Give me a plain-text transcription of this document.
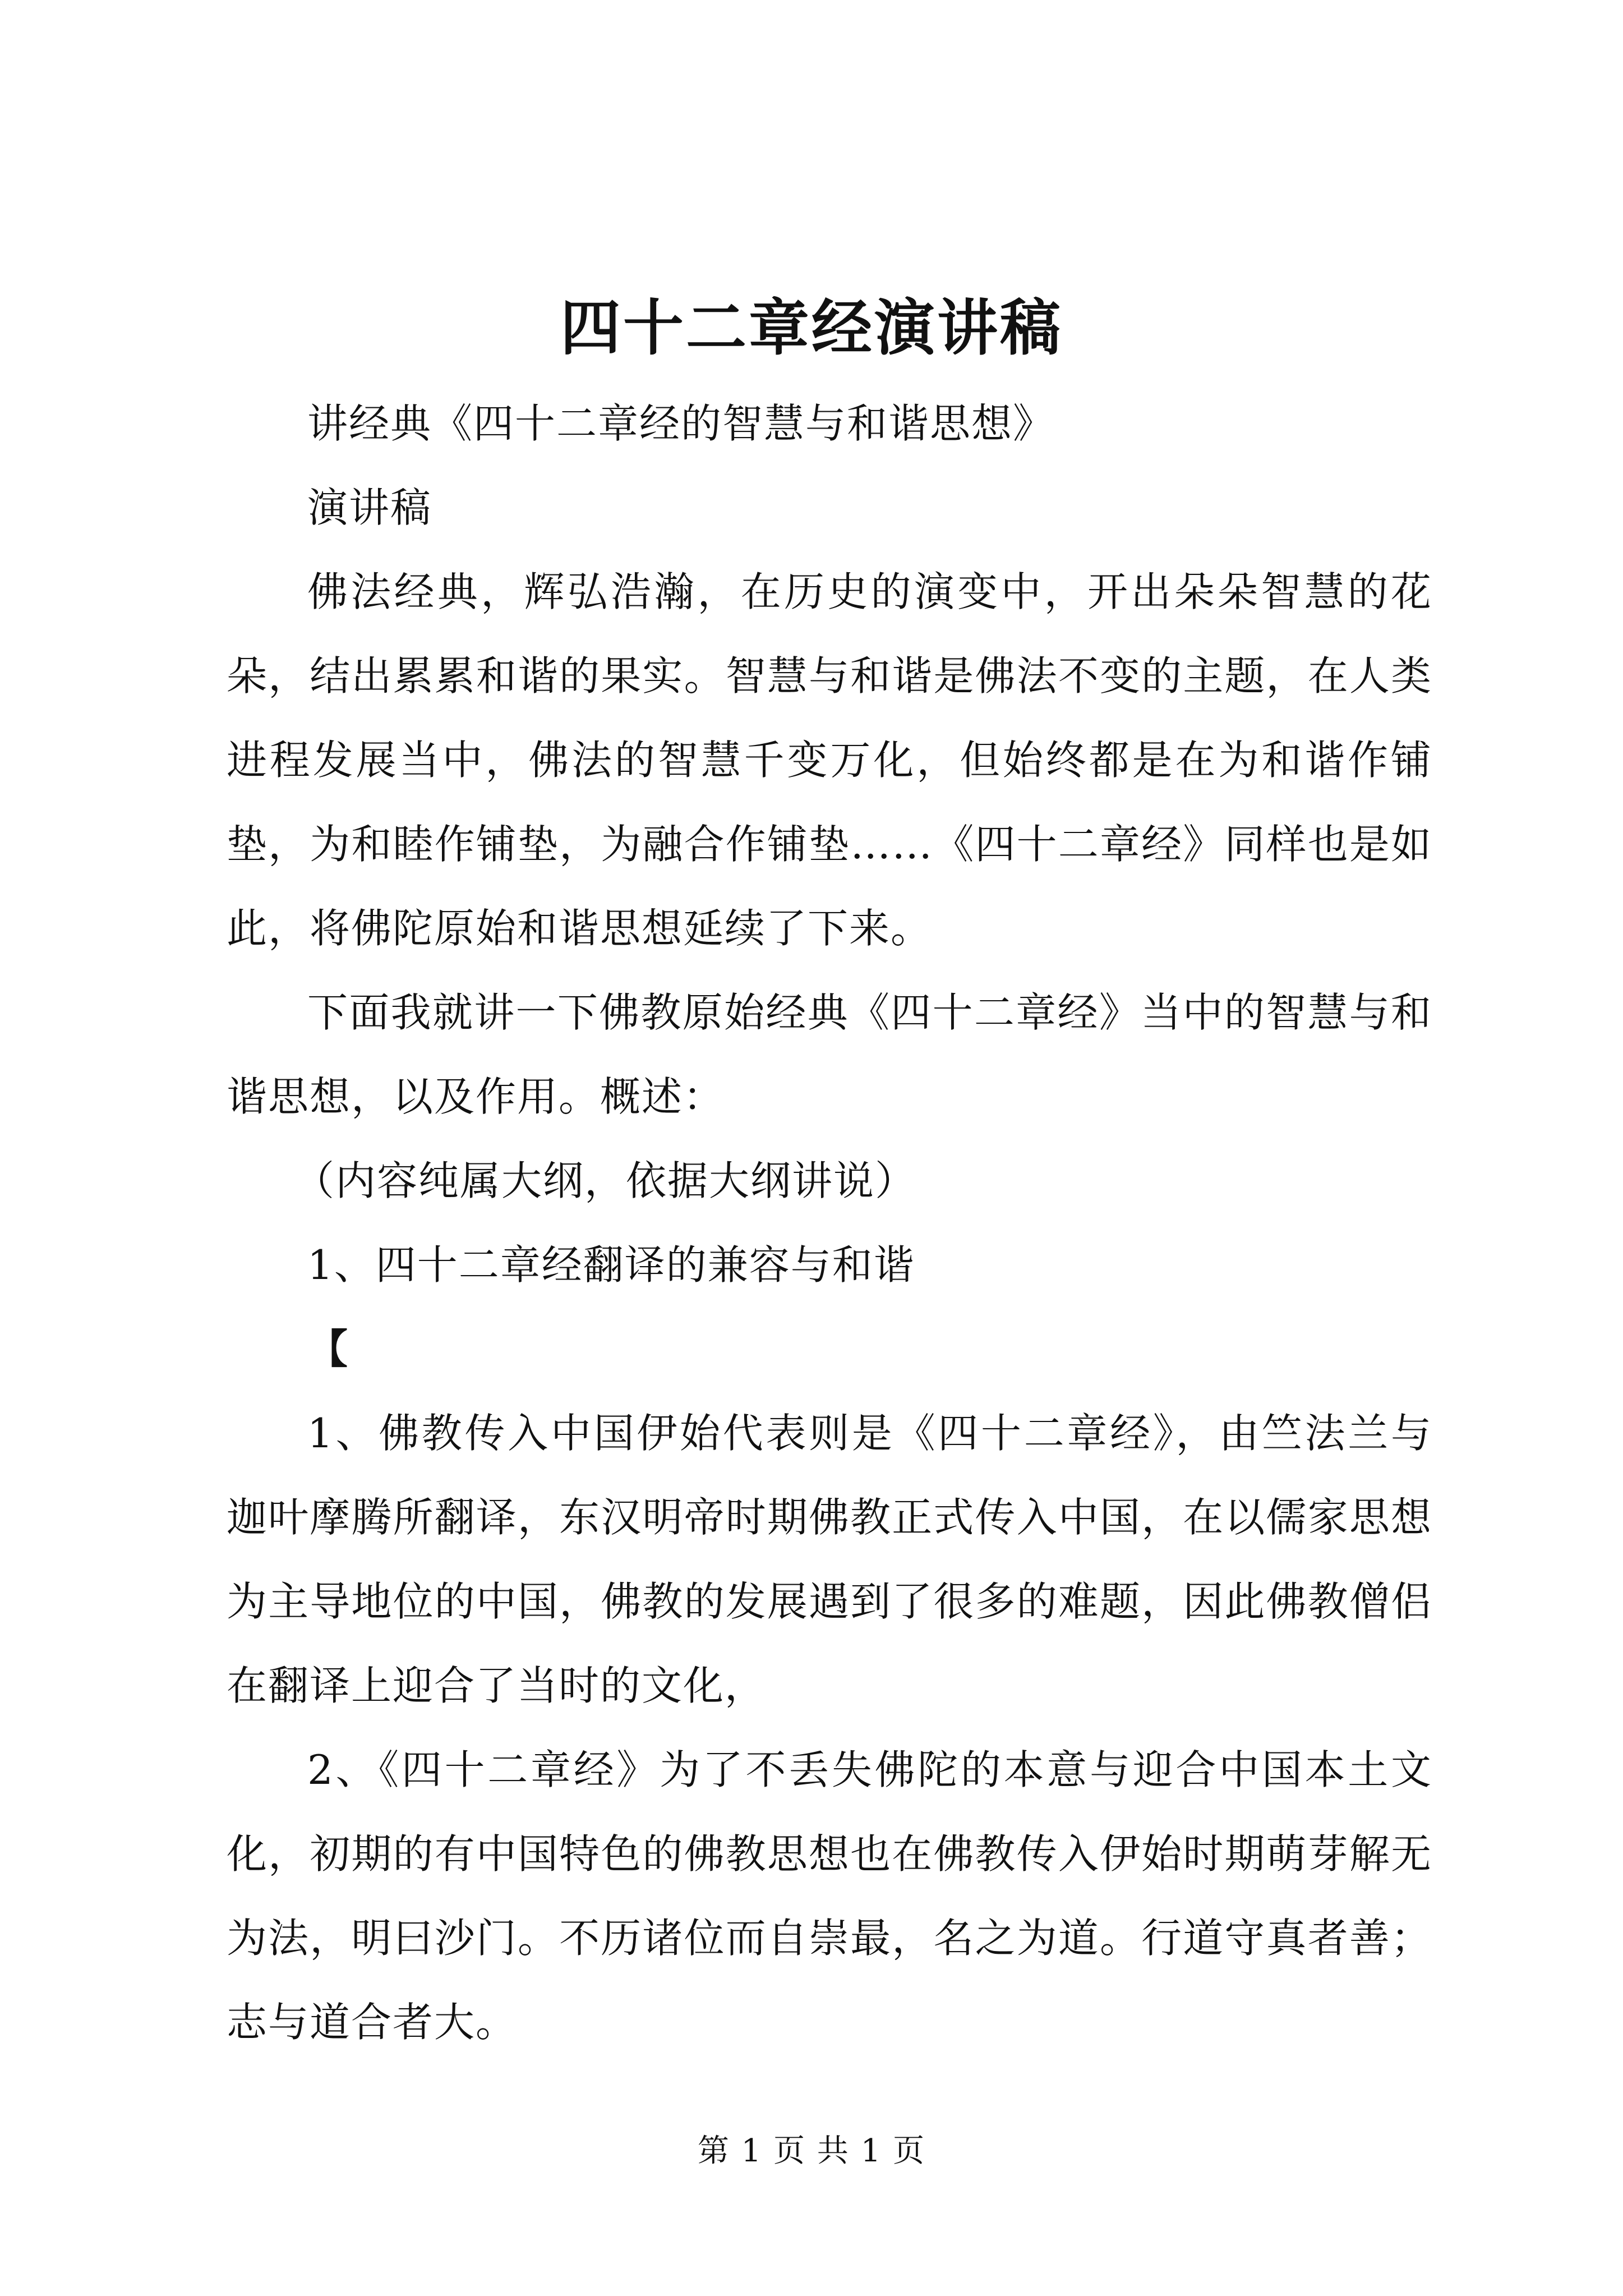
四十二章经演讲稿

讲经典《四十二章经的智慧与和谐思想》

演讲稿

佛法经典，辉弘浩瀚，在历史的演变中，开出朵朵智慧的花朵，结出累累和谐的果实。智慧与和谐是佛法不变的主题，在人类进程发展当中，佛法的智慧千变万化，但始终都是在为和谐作铺垫，为和睦作铺垫，为融合作铺垫……《四十二章经》同样也是如此，将佛陀原始和谐思想延续了下来。

下面我就讲一下佛教原始经典《四十二章经》当中的智慧与和谐思想，以及作用。概述：

（内容纯属大纲，依据大纲讲说）

1、四十二章经翻译的兼容与和谐

【

1、佛教传入中国伊始代表则是《四十二章经》，由竺法兰与迦叶摩腾所翻译，东汉明帝时期佛教正式传入中国，在以儒家思想为主导地位的中国，佛教的发展遇到了很多的难题，因此佛教僧侣在翻译上迎合了当时的文化，

2、《四十二章经》为了不丢失佛陀的本意与迎合中国本土文化，初期的有中国特色的佛教思想也在佛教传入伊始时期萌芽解无为法，明曰沙门。不历诸位而自崇最，名之为道。行道守真者善；志与道合者大。

第 1 页 共 1 页
